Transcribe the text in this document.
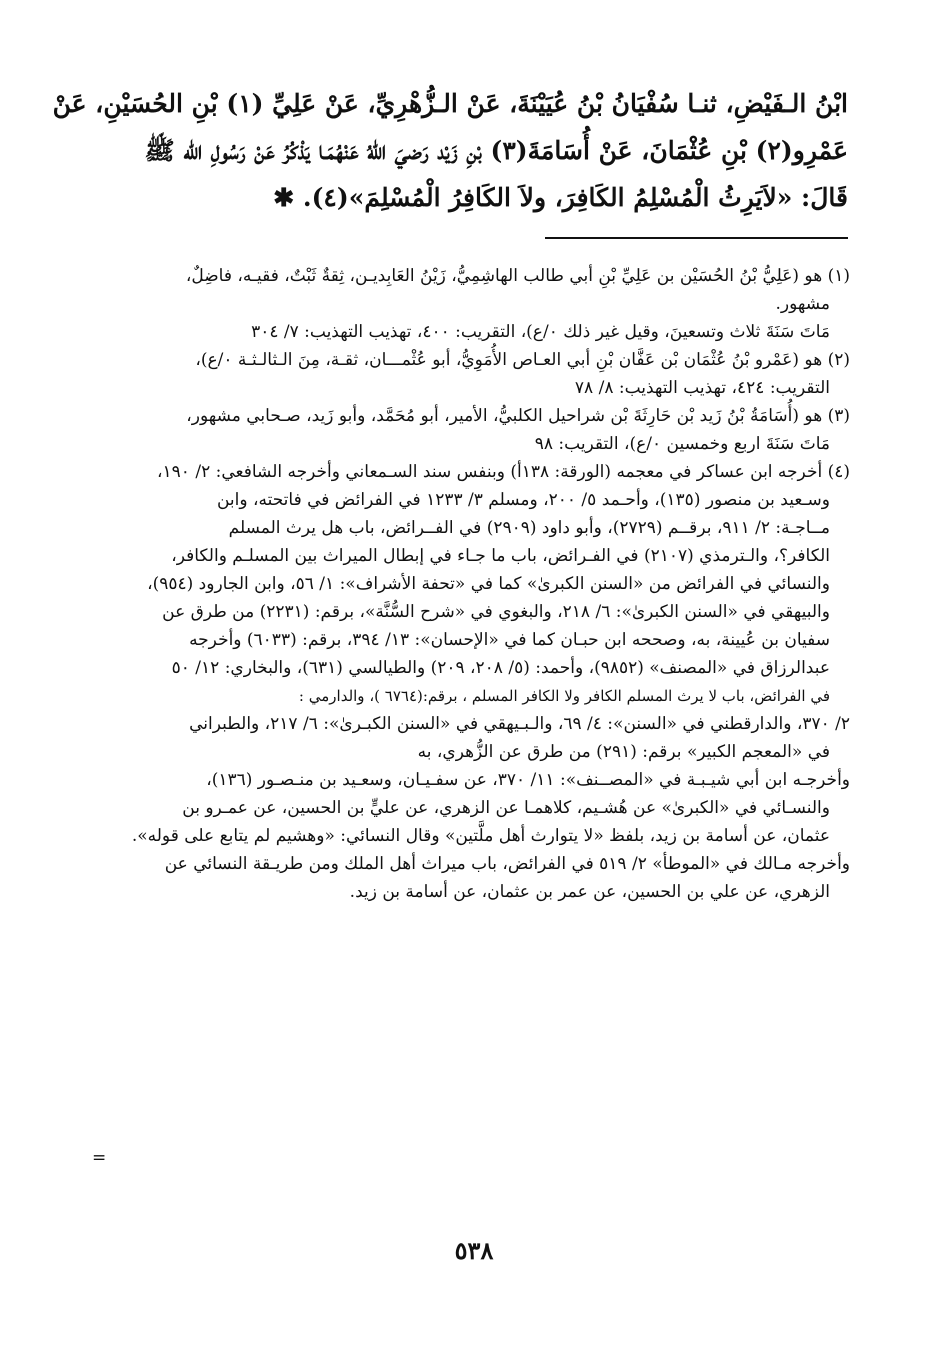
ابْنُ الـفَيْضِ، ثنـا سُفْيَانُ بْنُ عُيَيْنَةَ، عَنْ الـزُّهْرِيِّ، عَنْ عَلِيِّ (١) بْنِ الحُسَيْنِ، عَنْ

عَمْرِو(٢) بْنِ عُثْمَانَ، عَنْ أُسَامَةَ(٣) بْنِ زَيْد رَضيَ اللهُ عَنْهُمَـا يَذْكُرُ عَنْ رَسُولِ الله ﷺ

قَالَ: «لاَيَرِثُ الْمُسْلِمُ الكَافِرَ، ولاَ الكَافِرُ الْمُسْلِمَ»(٤). ✱

(١) هو (عَلِيُّ بْنُ الحُسَيْن بن عَلِيِّ بْنِ أبي طالب الهاشِمِيُّ، زَيْنُ العَابِديـن، ثِقةٌ ثَبْتٌ، فقيـه، فاضِلٌ،
مشهور.
مَاتَ سَنَةَ ثلاث وتسعينَ، وقيل غير ذلك ٠/ع)، التقريب: ٤٠٠، تهذيب التهذيب: ٧/ ٣٠٤
(٢) هو (عَمْرو بْنُ عُثْمَان بْن عَفَّان بْنِ أبي العـاص الأُمَوِيُّ، أبو عُثْمـــان، ثقـة، مِنَ الـثالـثـة ٠/ع)،
التقريب: ٤٢٤، تهذيب التهذيب: ٨/ ٧٨
(٣) هو (أُسَامَةُ بْنُ زَيد بْن حَارِثَةَ بْن شراحيل الكلبيُّ، الأمير، أبو مُحَمَّد، وأبو زَيد، صـحابي مشهور،
مَاتَ سَنَةَ اربع وخمسين ٠/ع)، التقريب: ٩٨
(٤) أخرجه ابن عساكر في معجمه (الورقة: ١٣٨أ) وبنفس سند السـمعاني وأخرجه الشافعي: ٢/ ١٩٠،
وسـعيد بن منصور (١٣٥)، وأحـمد ٥/ ٢٠٠، ومسلم ٣/ ١٢٣٣ في الفرائض في فاتحته، وابن
مــاجـة: ٢/ ٩١١، برقــم (٢٧٢٩)، وأبو داود (٢٩٠٩) في الفــرائض، باب هل يرث المسلم
الكافر؟، والـترمذي (٢١٠٧) في الفـرائض، باب ما جـاء في إبطال الميراث بين المسلـم والكافر،
والنسائي في الفرائض من «السنن الكبرىٰ» كما في «تحفة الأشراف»: ١/ ٥٦، وابن الجارود (٩٥٤)،
والبيهقي في «السنن الكبرىٰ»: ٦/ ٢١٨، والبغوي في «شرح السُّنَّة»، برقم: (٢٢٣١) من طرق عن
سفيان بن عُيينة، به، وصححه ابن حبـان كما في «الإحسان»: ١٣/ ٣٩٤، برقم: (٦٠٣٣) وأخرجه
عبدالرزاق في «المصنف» (٩٨٥٢)، وأحمد: (٥/ ٢٠٨، ٢٠٩) والطيالسي (٦٣١)، والبخاري: ١٢/ ٥٠
في الفرائض، باب لا يرث المسلم الكافر ولا الكافر المسلم ، برقم:(٦٧٦٤ )، والدارمي :
٢/ ٣٧٠، والدارقطني في «السنن»: ٤/ ٦٩، والـبـيهقي في «السنن الكبـرىٰ»: ٦/ ٢١٧، والطبراني
في «المعجم الكبير» برقم: (٢٩١) من طرق عن الزُّهري، به
وأخرجـه ابن أبي شيـبـة في «المصــنف»: ١١/ ٣٧٠، عن سفـيـان، وسعـيد بن منـصـور (١٣٦)،
والنسـائي في «الكبرىٰ» عن هُشـيم، كلاهمـا عن الزهري، عن عليٍّ بن الحسين، عن عمـرو بن
عثمان، عن أسامة بن زيد، بلفظ «لا يتوارث أهل ملَّتين» وقال النسائي: «وهشيم لم يتابع على قوله».
وأخرجه مـالك في «الموطأ» ٢/ ٥١٩ في الفرائض، باب ميراث أهل الملك ومن طريـقة النسائي عن
الزهري، عن علي بن الحسين، عن عمر بن عثمان، عن أسامة بن زيد.
=
٥٣٨
